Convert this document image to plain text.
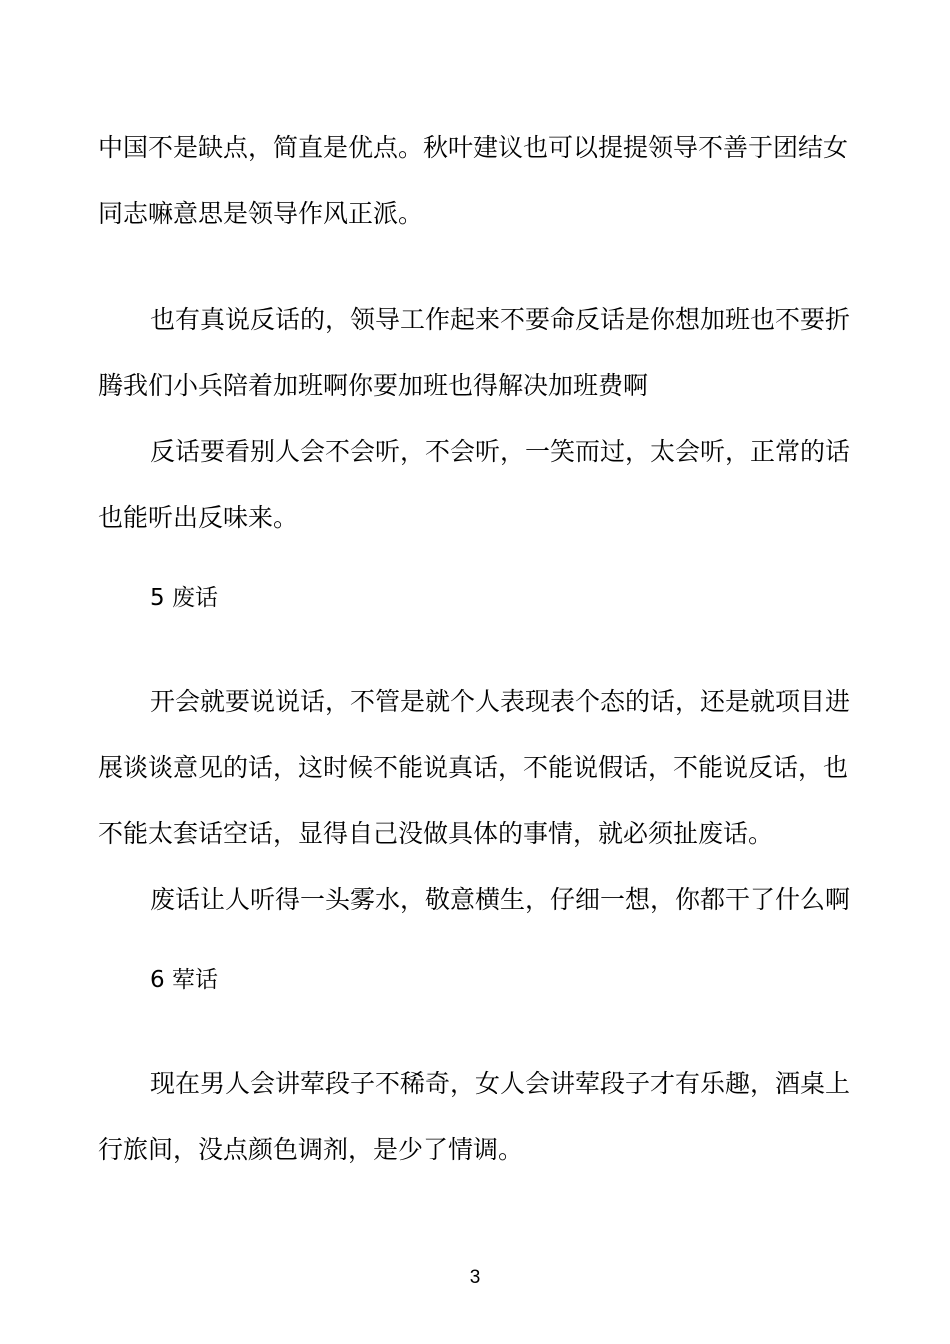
中国不是缺点，简直是优点。秋叶建议也可以提提领导不善于团结女
同志嘛意思是领导作风正派。
也有真说反话的，领导工作起来不要命反话是你想加班也不要折
腾我们小兵陪着加班啊你要加班也得解决加班费啊
反话要看别人会不会听，不会听，一笑而过，太会听，正常的话
也能听出反味来。
5 废话
开会就要说说话，不管是就个人表现表个态的话，还是就项目进
展谈谈意见的话，这时候不能说真话，不能说假话，不能说反话，也
不能太套话空话，显得自己没做具体的事情，就必须扯废话。
废话让人听得一头雾水，敬意横生，仔细一想，你都干了什么啊
6 荤话
现在男人会讲荤段子不稀奇，女人会讲荤段子才有乐趣，酒桌上
行旅间，没点颜色调剂，是少了情调。
3
